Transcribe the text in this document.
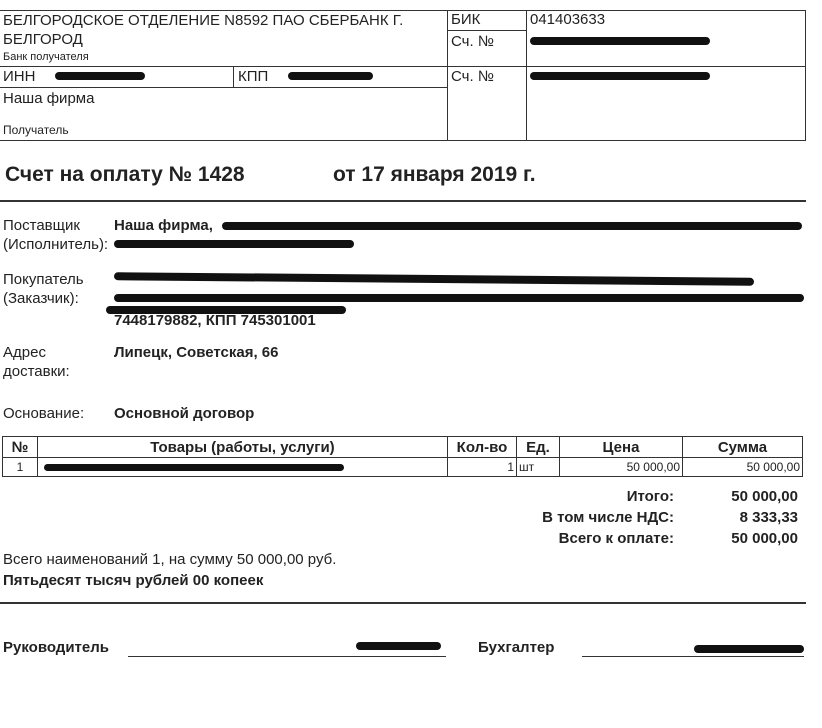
БЕЛГОРОДСКОЕ ОТДЕЛЕНИЕ N8592 ПАО СБЕРБАНК Г. БЕЛГОРОД
Банк получателя
БИК	041403633
Сч. №
ИНН	КПП	Сч. №
Наша фирма
Получатель
Счет на оплату № 1428	от 17 января 2019 г.
Поставщик
(Исполнитель):
Наша фирма,
Покупатель
(Заказчик):
7448179882, КПП 745301001
Адрес
доставки:
Липецк, Советская, 66
Основание: Основной договор
№	Товары (работы, услуги)	Кол-во	Ед.	Цена	Сумма
1		1	шт	50 000,00	50 000,00
Итого:	50 000,00
В том числе НДС:	8 333,33
Всего к оплате:	50 000,00
Всего наименований 1, на сумму 50 000,00 руб.
Пятьдесят тысяч рублей 00 копеек
Руководитель	Бухгалтер
